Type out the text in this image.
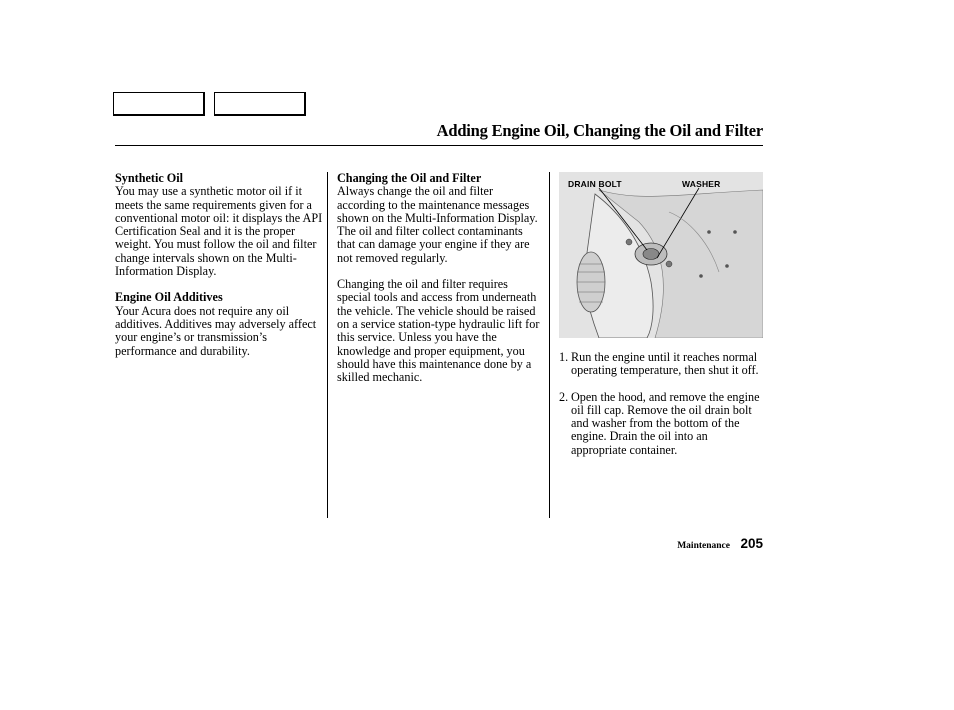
Adding Engine Oil, Changing the Oil and Filter

Synthetic Oil

You may use a synthetic motor oil if it meets the same requirements given for a conventional motor oil: it displays the API Certification Seal and it is the proper weight. You must follow the oil and filter change intervals shown on the Multi-Information Display.

Engine Oil Additives

Your Acura does not require any oil additives. Additives may adversely affect your engine’s or transmission’s performance and durability.

Changing the Oil and Filter

Always change the oil and filter according to the maintenance messages shown on the Multi-Information Display. The oil and filter collect contaminants that can damage your engine if they are not removed regularly.

Changing the oil and filter requires special tools and access from underneath the vehicle. The vehicle should be raised on a service station-type hydraulic lift for this service. Unless you have the knowledge and proper equipment, you should have this maintenance done by a skilled mechanic.

DRAIN BOLT	WASHER
1. Run the engine until it reaches normal operating temperature, then shut it off.
2. Open the hood, and remove the engine oil fill cap. Remove the oil drain bolt and washer from the bottom of the engine. Drain the oil into an appropriate container.
Maintenance 205
